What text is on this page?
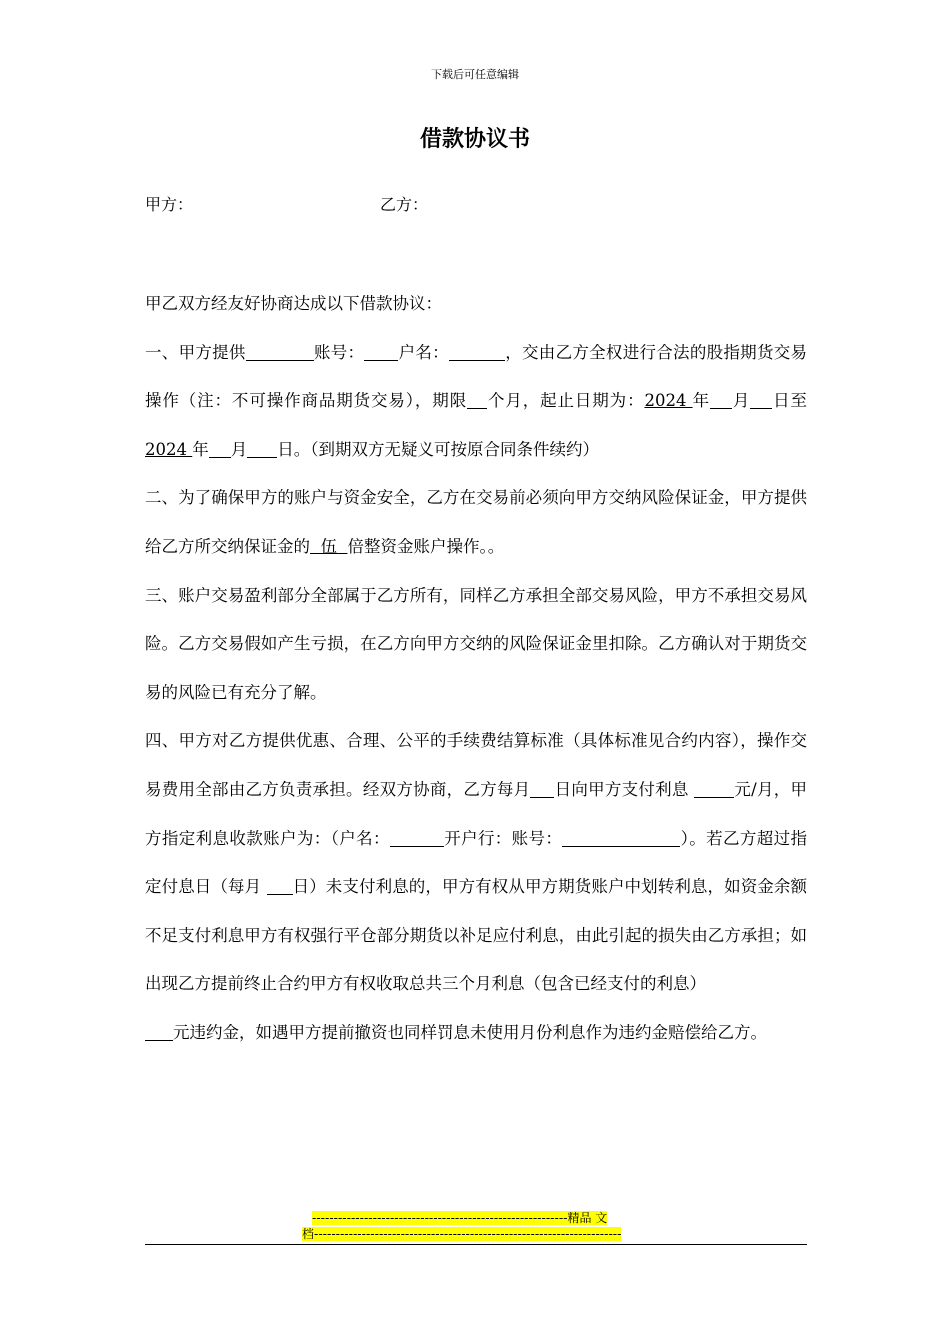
下载后可任意编辑
借款协议书
甲方：	乙方：

甲乙双方经友好协商达成以下借款协议：

一、甲方提供	账号： 户名：	，交由乙方全权进行合法的股指期货交易操作（注：不可操作商品期货交易），期限 个月，起止日期为：2024 年 月 日至2024 年 月 日。（到期双方无疑义可按原合同条件续约）

二、为了确保甲方的账户与资金安全，乙方在交易前必须向甲方交纳风险保证金，甲方提供给乙方所交纳保证金的  伍  倍整资金账户操作。。

三、账户交易盈利部分全部属于乙方所有，同样乙方承担全部交易风险，甲方不承担交易风险。乙方交易假如产生亏损，在乙方向甲方交纳的风险保证金里扣除。乙方确认对于期货交易的风险已有充分了解。

四、甲方对乙方提供优惠、合理、公平的手续费结算标准（具体标准见合约内容），操作交易费用全部由乙方负责承担。经双方协商，乙方每月 日向甲方支付利息 元/月，甲方指定利息收款账户为：（户名：	开户行：账号：	）。若乙方超过指定付息日（每月 日）未支付利息的，甲方有权从甲方期货账户中划转利息，如资金余额不足支付利息甲方有权强行平仓部分期货以补足应付利息，由此引起的损失由乙方承担；如出现乙方提前终止合约甲方有权收取总共三个月利息（包含已经支付的利息）
元违约金，如遇甲方提前撤资也同样罚息未使用月份利息作为违约金赔偿给乙方。

-----------------------------------------------------------精品 文
档-----------------------------------------------------------------------
